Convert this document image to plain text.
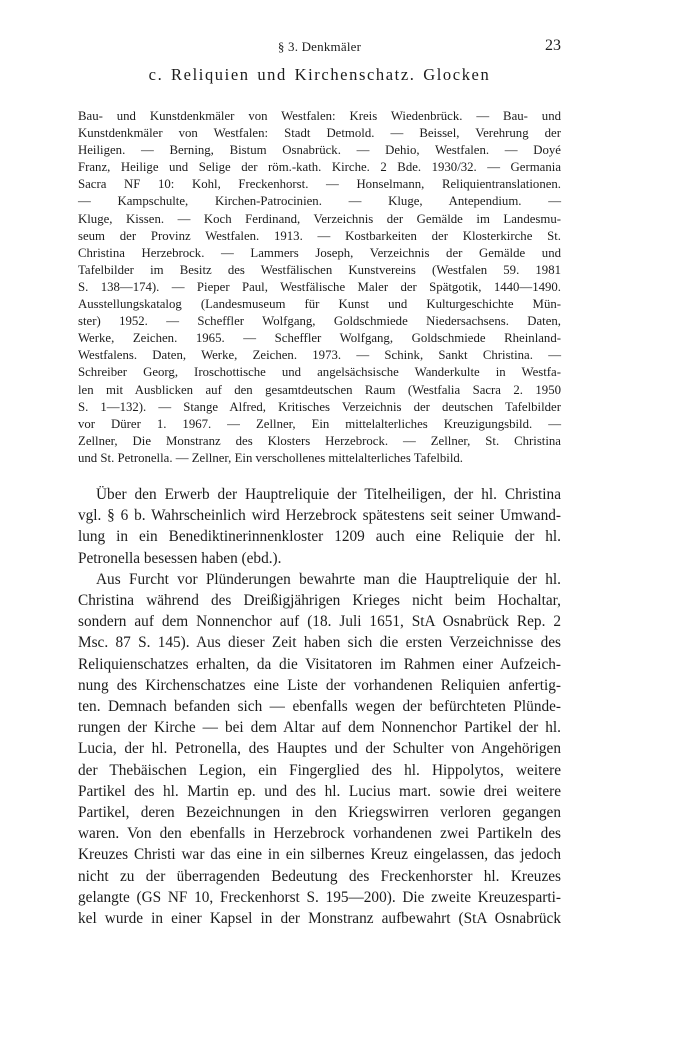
§ 3. Denkmäler	23
c. Reliquien und Kirchenschatz. Glocken
Bau- und Kunstdenkmäler von Westfalen: Kreis Wiedenbrück. — Bau- und
Kunstdenkmäler von Westfalen: Stadt Detmold. — Beissel, Verehrung der
Heiligen. — Berning, Bistum Osnabrück. — Dehio, Westfalen. — Doyé
Franz, Heilige und Selige der röm.-kath. Kirche. 2 Bde. 1930/32. — Germania
Sacra NF 10: Kohl, Freckenhorst. — Honselmann, Reliquientranslationen.
— Kampschulte, Kirchen-Patrocinien. — Kluge, Antependium. —
Kluge, Kissen. — Koch Ferdinand, Verzeichnis der Gemälde im Landesmu-
seum der Provinz Westfalen. 1913. — Kostbarkeiten der Klosterkirche St.
Christina Herzebrock. — Lammers Joseph, Verzeichnis der Gemälde und
Tafelbilder im Besitz des Westfälischen Kunstvereins (Westfalen 59. 1981
S. 138—174). — Pieper Paul, Westfälische Maler der Spätgotik, 1440—1490.
Ausstellungskatalog (Landesmuseum für Kunst und Kulturgeschichte Mün-
ster) 1952. — Scheffler Wolfgang, Goldschmiede Niedersachsens. Daten,
Werke, Zeichen. 1965. — Scheffler Wolfgang, Goldschmiede Rheinland-
Westfalens. Daten, Werke, Zeichen. 1973. — Schink, Sankt Christina. —
Schreiber Georg, Iroschottische und angelsächsische Wanderkulte in Westfa-
len mit Ausblicken auf den gesamtdeutschen Raum (Westfalia Sacra 2. 1950
S. 1—132). — Stange Alfred, Kritisches Verzeichnis der deutschen Tafelbilder
vor Dürer 1. 1967. — Zellner, Ein mittelalterliches Kreuzigungsbild. —
Zellner, Die Monstranz des Klosters Herzebrock. — Zellner, St. Christina
und St. Petronella. — Zellner, Ein verschollenes mittelalterliches Tafelbild.
Über den Erwerb der Hauptreliquie der Titelheiligen, der hl. Christina
vgl. § 6 b. Wahrscheinlich wird Herzebrock spätestens seit seiner Umwand-
lung in ein Benediktinerinnenkloster 1209 auch eine Reliquie der hl.
Petronella besessen haben (ebd.).
Aus Furcht vor Plünderungen bewahrte man die Hauptreliquie der hl.
Christina während des Dreißigjährigen Krieges nicht beim Hochaltar,
sondern auf dem Nonnenchor auf (18. Juli 1651, StA Osnabrück Rep. 2
Msc. 87 S. 145). Aus dieser Zeit haben sich die ersten Verzeichnisse des
Reliquienschatzes erhalten, da die Visitatoren im Rahmen einer Aufzeich-
nung des Kirchenschatzes eine Liste der vorhandenen Reliquien anfertig-
ten. Demnach befanden sich — ebenfalls wegen der befürchteten Plünde-
rungen der Kirche — bei dem Altar auf dem Nonnenchor Partikel der hl.
Lucia, der hl. Petronella, des Hauptes und der Schulter von Angehörigen
der Thebäischen Legion, ein Fingerglied des hl. Hippolytos, weitere
Partikel des hl. Martin ep. und des hl. Lucius mart. sowie drei weitere
Partikel, deren Bezeichnungen in den Kriegswirren verloren gegangen
waren. Von den ebenfalls in Herzebrock vorhandenen zwei Partikeln des
Kreuzes Christi war das eine in ein silbernes Kreuz eingelassen, das jedoch
nicht zu der überragenden Bedeutung des Freckenhorster hl. Kreuzes
gelangte (GS NF 10, Freckenhorst S. 195—200). Die zweite Kreuzesparti-
kel wurde in einer Kapsel in der Monstranz aufbewahrt (StA Osnabrück
